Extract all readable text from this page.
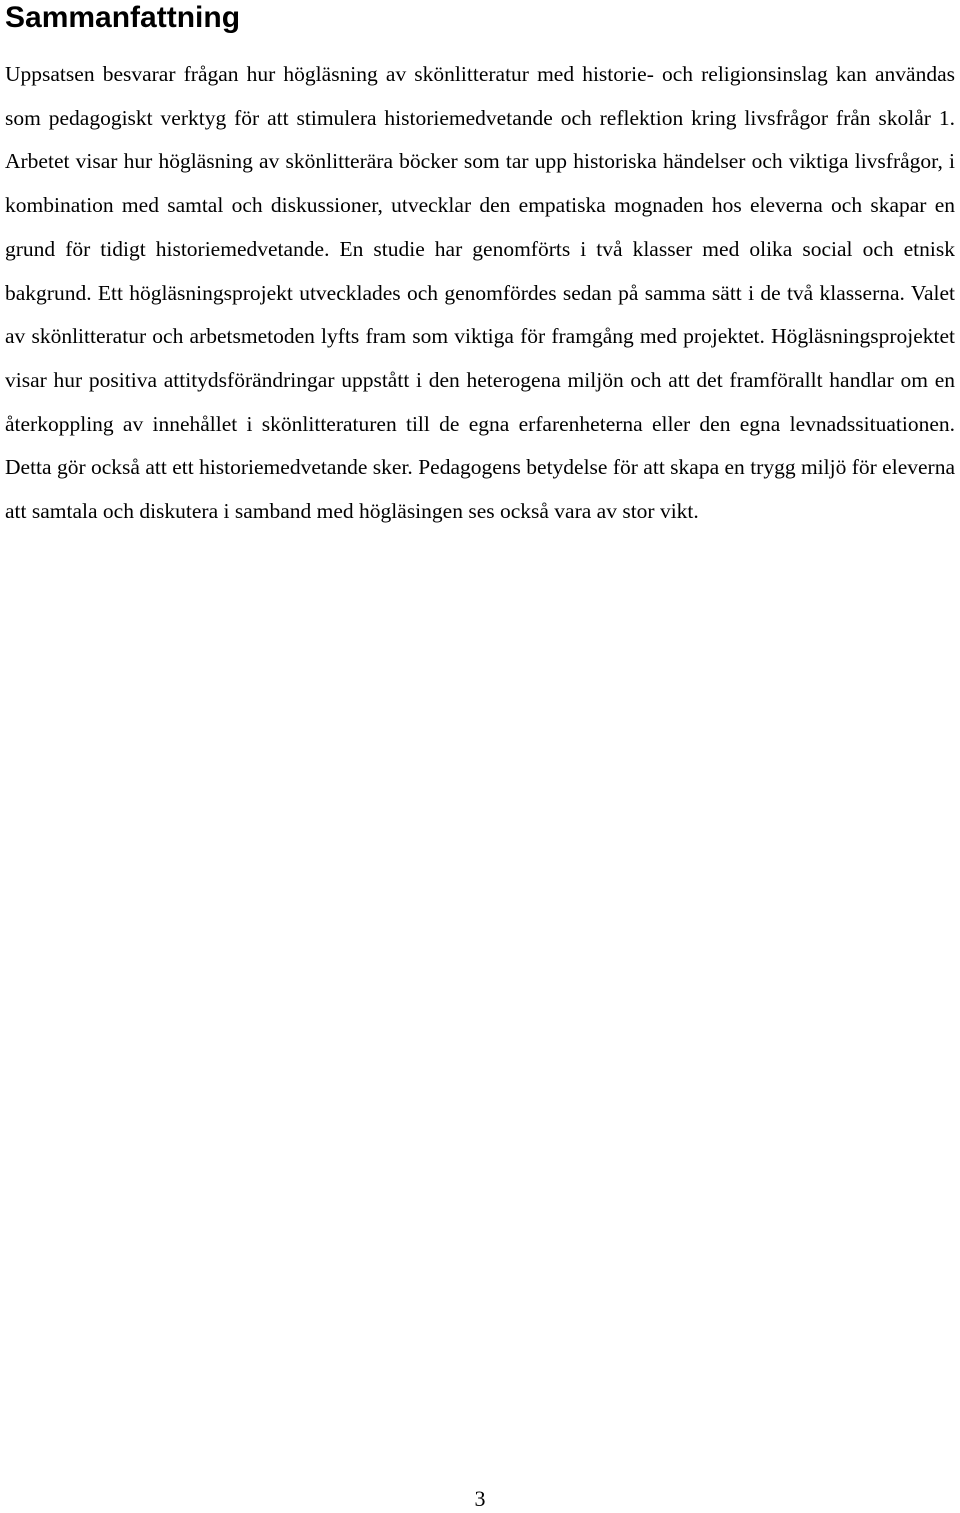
Sammanfattning

Uppsatsen besvarar frågan hur högläsning av skönlitteratur med historie- och religionsinslag kan användas som pedagogiskt verktyg för att stimulera historiemedvetande och reflektion kring livsfrågor från skolår 1. Arbetet visar hur högläsning av skönlitterära böcker som tar upp historiska händelser och viktiga livsfrågor, i kombination med samtal och diskussioner, utvecklar den empatiska mognaden hos eleverna och skapar en grund för tidigt historiemedvetande. En studie har genomförts i två klasser med olika social och etnisk bakgrund. Ett högläsningsprojekt utvecklades och genomfördes sedan på samma sätt i de två klasserna. Valet av skönlitteratur och arbetsmetoden lyfts fram som viktiga för framgång med projektet. Högläsningsprojektet visar hur positiva attitydsförändringar uppstått i den heterogena miljön och att det framförallt handlar om en återkoppling av innehållet i skönlitteraturen till de egna erfarenheterna eller den egna levnadssituationen. Detta gör också att ett historiemedvetande sker. Pedagogens betydelse för att skapa en trygg miljö för eleverna att samtala och diskutera i samband med högläsingen ses också vara av stor vikt.

3
